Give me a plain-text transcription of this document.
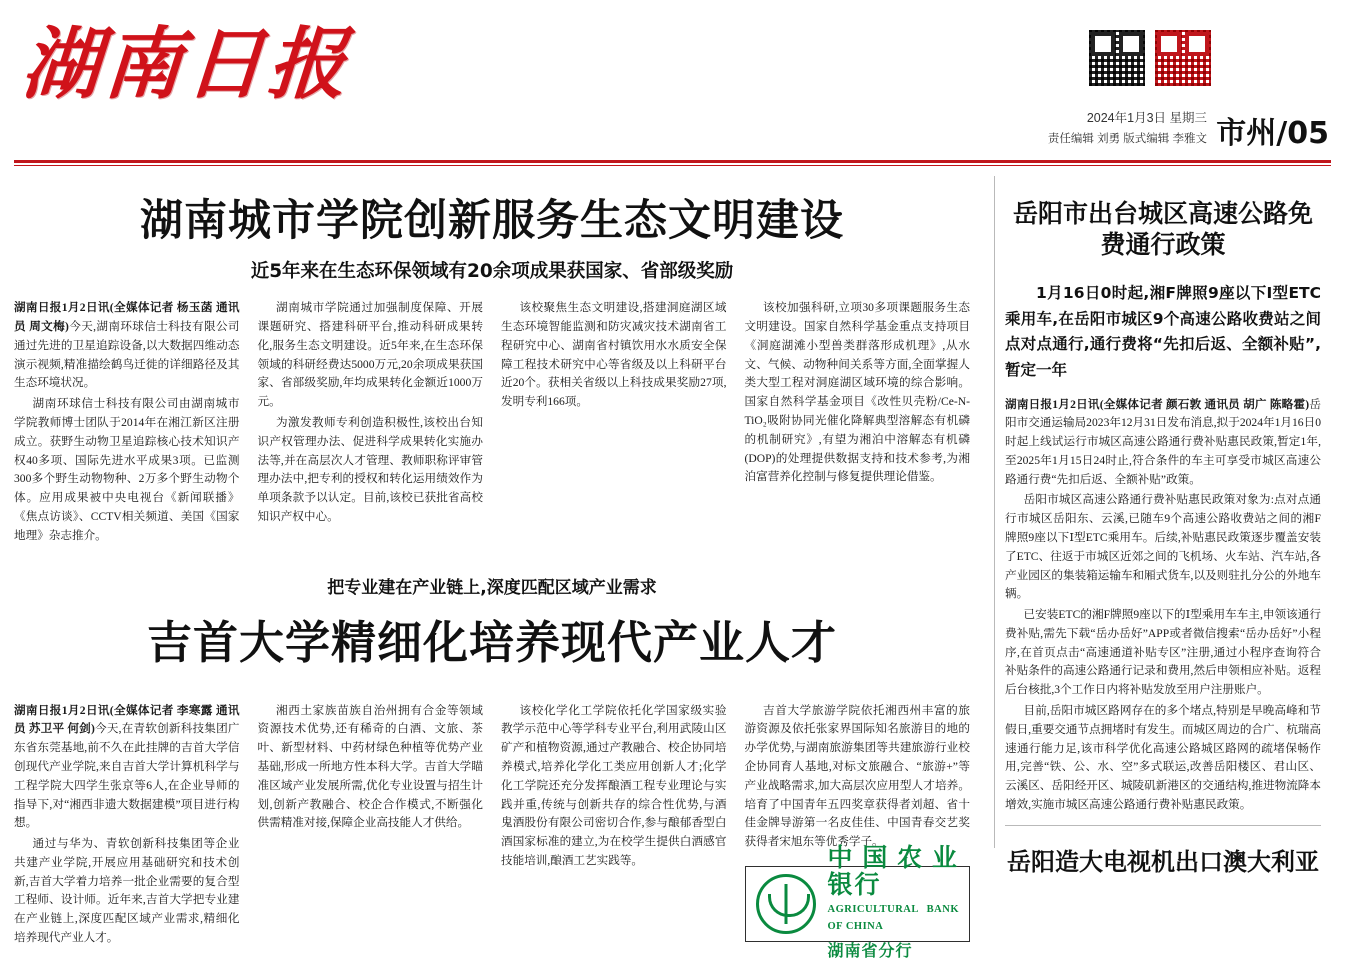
湖南日报
2024年1月3日 星期三
责任编辑 刘勇 版式编辑 李雅文 市州/05
湖南城市学院创新服务生态文明建设
近5年来在生态环保领域有20余项成果获国家、省部级奖励

湖南日报1月2日讯(全媒体记者 杨玉菡 通讯员 周文梅)今天,湖南环球信士科技有限公司通过先进的卫星追踪设备,以大数据四维动态演示视频,精准描绘鹤鸟迁徙的详细路径及其生态环境状况。

湖南环球信士科技有限公司由湖南城市学院教师博士团队于2014年在湘江新区注册成立。获野生动物卫星追踪核心技术知识产权40多项、国际先进水平成果3项。已监测300多个野生动物物种、2万多个野生动物个体。应用成果被中央电视台《新闻联播》《焦点访谈》、CCTV相关频道、美国《国家地理》杂志推介。

湖南城市学院通过加强制度保障、开展课题研究、搭建科研平台,推动科研成果转化,服务生态文明建设。近5年来,在生态环保领域的科研经费达5000万元,20余项成果获国家、省部级奖励,年均成果转化金额近1000万元。

为激发教师专利创造积极性,该校出台知识产权管理办法、促进科学成果转化实施办法等,并在高层次人才管理、教师职称评审管理办法中,把专利的授权和转化运用绩效作为单项条款予以认定。目前,该校已获批省高校知识产权中心。

该校聚焦生态文明建设,搭建洞庭湖区域生态环境智能监测和防灾减灾技术湖南省工程研究中心、湖南省村镇饮用水水质安全保障工程技术研究中心等省级及以上科研平台近20个。获相关省级以上科技成果奖励27项,发明专利166项。

该校加强科研,立项30多项课题服务生态文明建设。国家自然科学基金重点支持项目《洞庭湖滩小型兽类群落形成机理》,从水文、气候、动物种间关系等方面,全面掌握人类大型工程对洞庭湖区域环境的综合影响。国家自然科学基金项目《改性贝壳粉/Ce-N-TiO₂吸附协同光催化降解典型溶解态有机磷的机制研究》,有望为湘泊中溶解态有机磷(DOP)的处理提供数据支持和技术参考,为湘泊富营养化控制与修复提供理论借鉴。

把专业建在产业链上,深度匹配区域产业需求
吉首大学精细化培养现代产业人才

湖南日报1月2日讯(全媒体记者 李寒露 通讯员 苏卫平 何剑)今天,在青软创新科技集团广东省东莞基地,前不久在此挂牌的吉首大学信创现代产业学院,来自吉首大学计算机科学与工程学院大四学生张京等6人,在企业导师的指导下,对“湘西非遗大数据建模”项目进行构想。

通过与华为、青软创新科技集团等企业共建产业学院,开展应用基础研究和技术创新,吉首大学着力培养一批企业需要的复合型工程师、设计师。近年来,吉首大学把专业建在产业链上,深度匹配区域产业需求,精细化培养现代产业人才。

湘西土家族苗族自治州拥有合金等领域资源技术优势,还有稀奇的白酒、文旅、茶叶、新型材料、中药材绿色种植等优势产业基础,形成一所地方性本科大学。吉首大学瞄准区域产业发展所需,优化专业设置与招生计划,创新产教融合、校企合作模式,不断强化供需精准对接,保障企业高技能人才供给。

该校化学化工学院依托化学国家级实验教学示范中心等学科专业平台,利用武陵山区矿产和植物资源,通过产教融合、校企协同培养模式,培养化学化工类应用创新人才;化学化工学院还充分发挥酿酒工程专业理论与实践并重,传统与创新共存的综合性优势,与酒鬼酒股份有限公司密切合作,参与酿郁香型白酒国家标准的建立,为在校学生提供白酒感官技能培训,酿酒工艺实践等。

吉首大学旅游学院依托湘西州丰富的旅游资源及依托张家界国际知名旅游目的地的办学优势,与湖南旅游集团等共建旅游行业校企协同育人基地,对标文旅融合、“旅游+”等产业战略需求,加大高层次应用型人才培养。培育了中国青年五四奖章获得者刘超、省十佳金牌导游第一名皮佳佳、中国青春交艺奖获得者宋旭东等优秀学子。

中国农业银行
AGRICULTURAL BANK OF CHINA
湖南省分行
岳阳市出台城区高速公路免费通行政策
1月16日0时起,湘F牌照9座以下Ⅰ型ETC乘用车,在岳阳市城区9个高速公路收费站之间点对点通行,通行费将“先扣后返、全额补贴”,暂定一年

湖南日报1月2日讯(全媒体记者 颜石敦 通讯员 胡广 陈略霍)岳阳市交通运输局2023年12月31日发布消息,拟于2024年1月16日0时起上线试运行市城区高速公路通行费补贴惠民政策,暂定1年,至2025年1月15日24时止,符合条件的车主可享受市城区高速公路通行费“先扣后返、全额补贴”政策。

岳阳市城区高速公路通行费补贴惠民政策对象为:点对点通行市城区岳阳东、云溪,已随车9个高速公路收费站之间的湘F牌照9座以下Ⅰ型ETC乘用车。后续,补贴惠民政策逐步覆盖安装了ETC、往返于市城区近郊之间的飞机场、火车站、汽车站,各产业园区的集装箱运输车和厢式货车,以及则驻扎分公的外地车辆。

已安装ETC的湘F牌照9座以下的Ⅰ型乘用车车主,申领该通行费补贴,需先下载“岳办岳好”APP或者微信搜索“岳办岳好”小程序,在首页点击“高速通道补贴专区”注册,通过小程序查询符合补贴条件的高速公路通行记录和费用,然后申领相应补贴。返程后台核批,3个工作日内将补贴发放至用户注册账户。

目前,岳阳市城区路网存在的多个堵点,特别是早晚高峰和节假日,重要交通节点拥堵时有发生。而城区周边的合广、杭瑞高速通行能力足,该市科学优化高速公路城区路网的疏堵保畅作用,完善“铁、公、水、空”多式联运,改善岳阳楼区、君山区、云溪区、岳阳经开区、城陵矶新港区的交通结构,推进物流降本增效,实施市城区高速公路通行费补贴惠民政策。

岳阳造大电视机出口澳大利亚
